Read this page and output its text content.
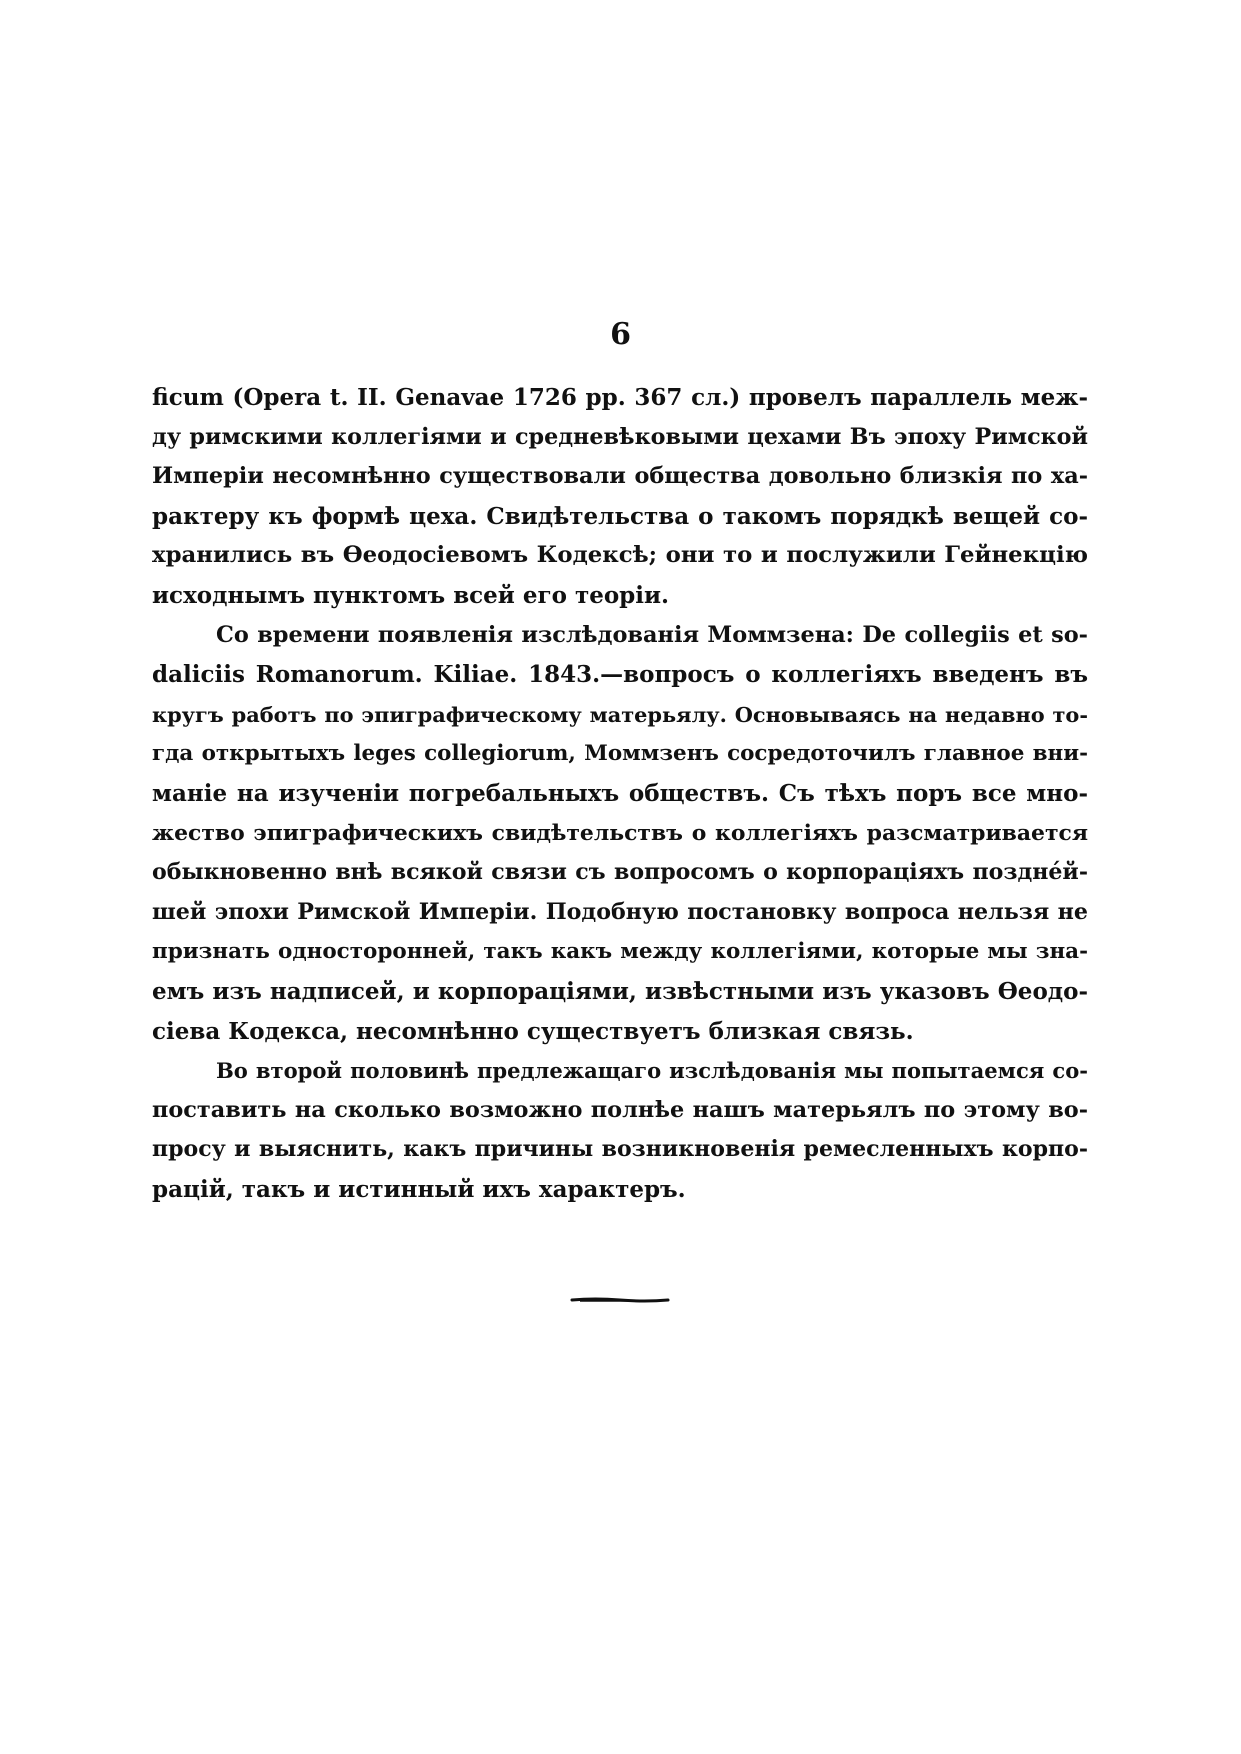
6
ficum (Opera t. II. Genavae 1726 pp. 367 сл.) провелъ параллель меж-
ду римскими коллегіями и средневѣковыми цехами Въ эпоху Римской
Имперіи несомнѣнно существовали общества довольно близкія по ха-
рактеру къ формѣ цеха. Свидѣтельства о такомъ порядкѣ вещей со-
хранились въ Өеодосіевомъ Кодексѣ; они то и послужили Гейнекцію
исходнымъ пунктомъ всей его теоріи.
Со времени появленія изслѣдованія Моммзена: De collegiis et so-
daliciis Romanorum. Kiliae. 1843.—вопросъ о коллегіяхъ введенъ въ
кругъ работъ по эпиграфическому матерьялу. Основываясь на недавно то-
гда открытыхъ leges collegiorum, Моммзенъ сосредоточилъ главное вни-
маніе на изученіи погребальныхъ обществъ. Съ тѣхъ поръ все мно-
жество эпиграфическихъ свидѣтельствъ о коллегіяхъ разсматривается
обыкновенно внѣ всякой связи съ вопросомъ о корпораціяхъ поздне́й-
шей эпохи Римской Имперіи. Подобную постановку вопроса нельзя не
признать односторонней, такъ какъ между коллегіями, которые мы зна-
емъ изъ надписей, и корпораціями, извѣстными изъ указовъ Өеодо-
сіева Кодекса, несомнѣнно существуетъ близкая связь.
Во второй половинѣ предлежащаго изслѣдованія мы попытаемся со-
поставить на сколько возможно полнѣе нашъ матерьялъ по этому во-
просу и выяснить, какъ причины возникновенія ремесленныхъ корпо-
рацій, такъ и истинный ихъ характеръ.
